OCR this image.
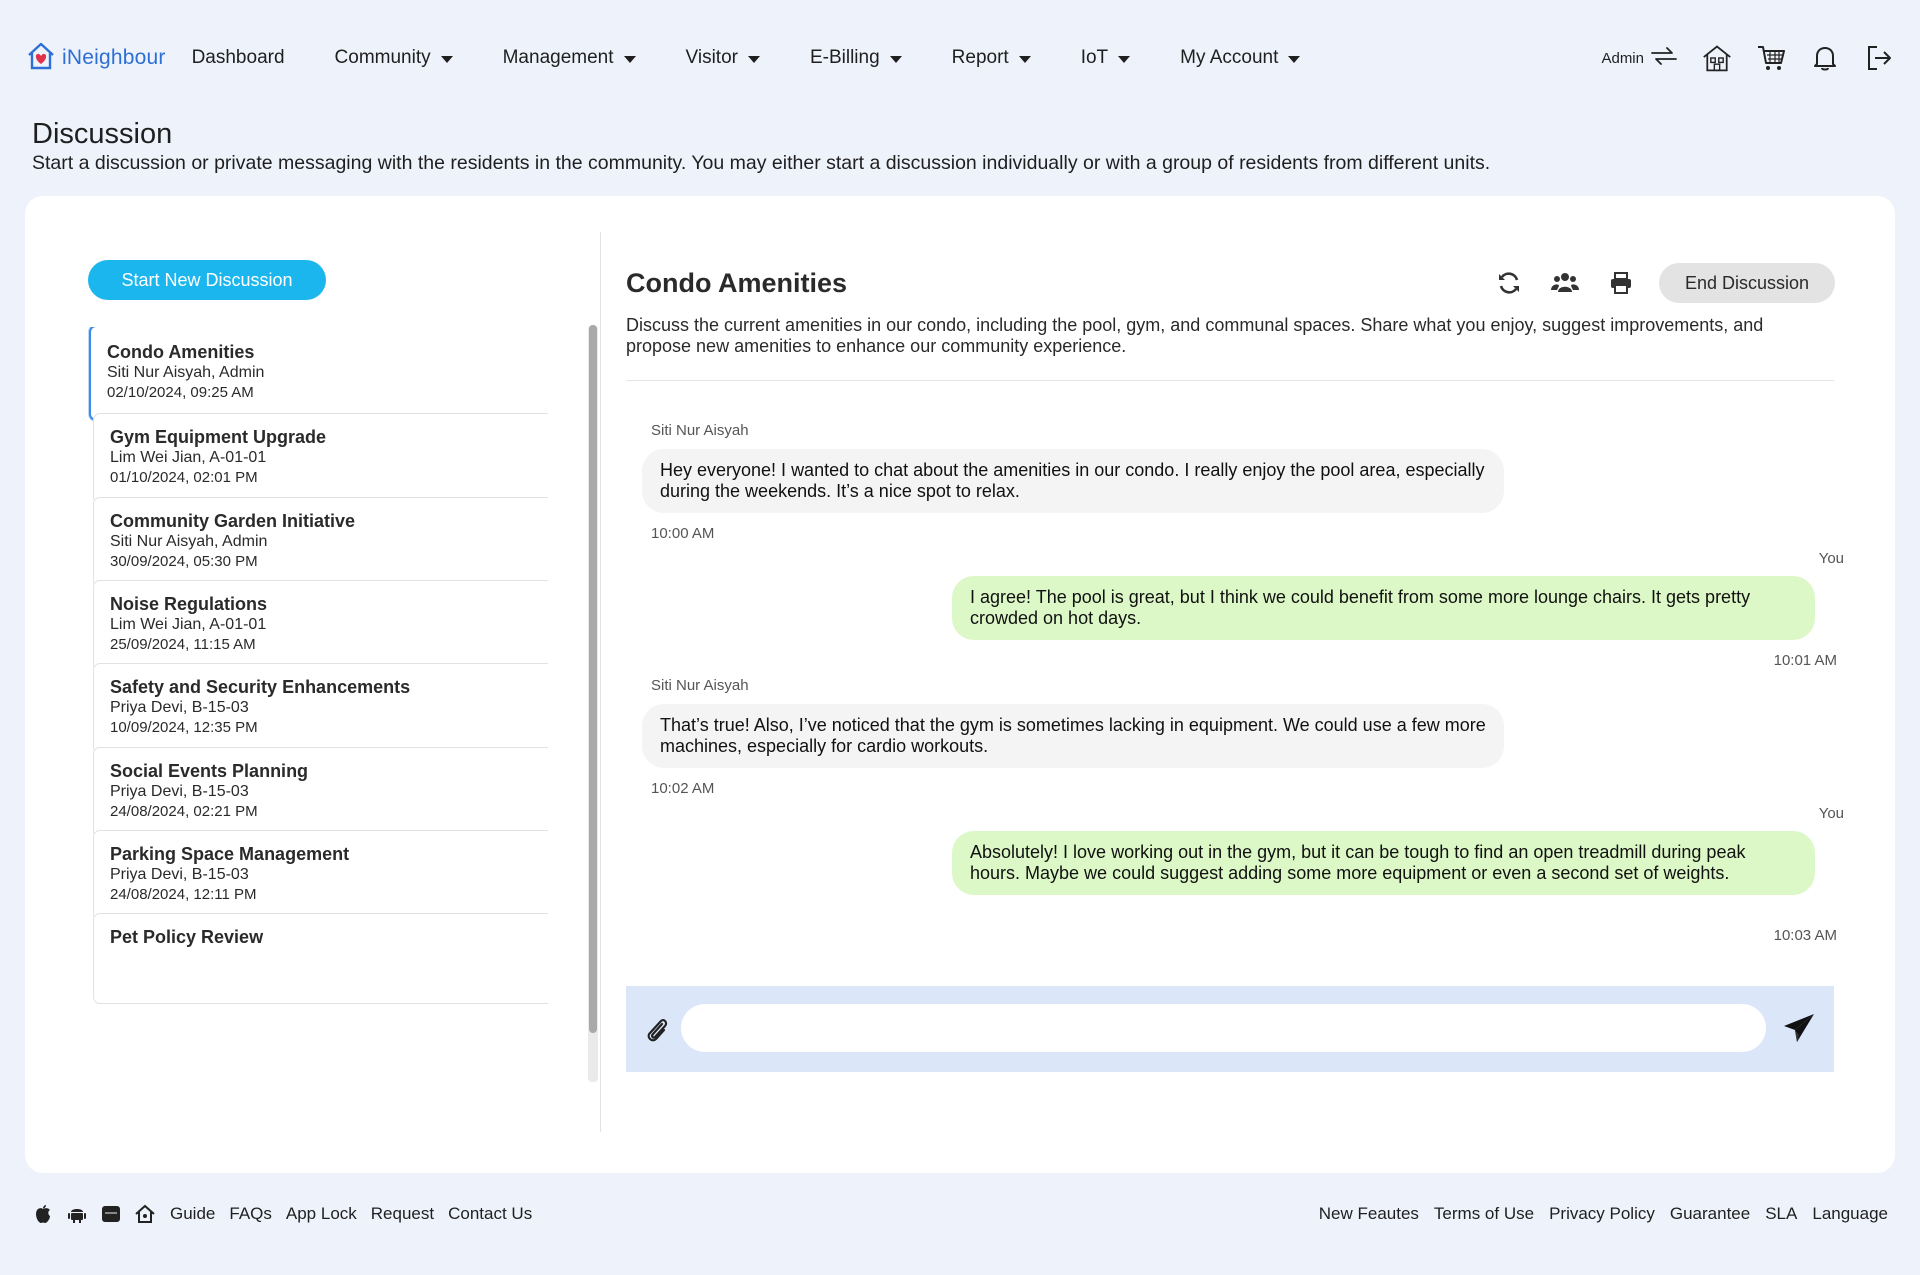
iNeighbour Dashboard	Community	Management	Visitor	E-Billing	Report	IoT	My Account	Admin
Discussion

Start a discussion or private messaging with the residents in the community. You may either start a discussion individually or with a group of residents from different units.

Start New Discussion
Condo Amenities
Siti Nur Aisyah, Admin
02/10/2024, 09:25 AM
Gym Equipment Upgrade
Lim Wei Jian, A-01-01
01/10/2024, 02:01 PM
Community Garden Initiative
Siti Nur Aisyah, Admin
30/09/2024, 05:30 PM
Noise Regulations
Lim Wei Jian, A-01-01
25/09/2024, 11:15 AM
Safety and Security Enhancements
Priya Devi, B-15-03
10/09/2024, 12:35 PM
Social Events Planning
Priya Devi, B-15-03
24/08/2024, 02:21 PM
Parking Space Management
Priya Devi, B-15-03
24/08/2024, 12:11 PM
Pet Policy Review
Condo Amenities	End Discussion

Discuss the current amenities in our condo, including the pool, gym, and communal spaces. Share what you enjoy, suggest improvements, and propose new amenities to enhance our community experience.

Siti Nur Aisyah
Hey everyone! I wanted to chat about the amenities in our condo. I really enjoy the pool area, especially during the weekends. It’s a nice spot to relax.
10:00 AM
You
I agree! The pool is great, but I think we could benefit from some more lounge chairs. It gets pretty crowded on hot days.
10:01 AM
Siti Nur Aisyah
That’s true! Also, I’ve noticed that the gym is sometimes lacking in equipment. We could use a few more machines, especially for cardio workouts.
10:02 AM
You
Absolutely! I love working out in the gym, but it can be tough to find an open treadmill during peak hours. Maybe we could suggest adding some more equipment or even a second set of weights.
10:03 AM
Guide FAQs App Lock Request Contact Us	New Feautes Terms of Use Privacy Policy Guarantee SLA Language
